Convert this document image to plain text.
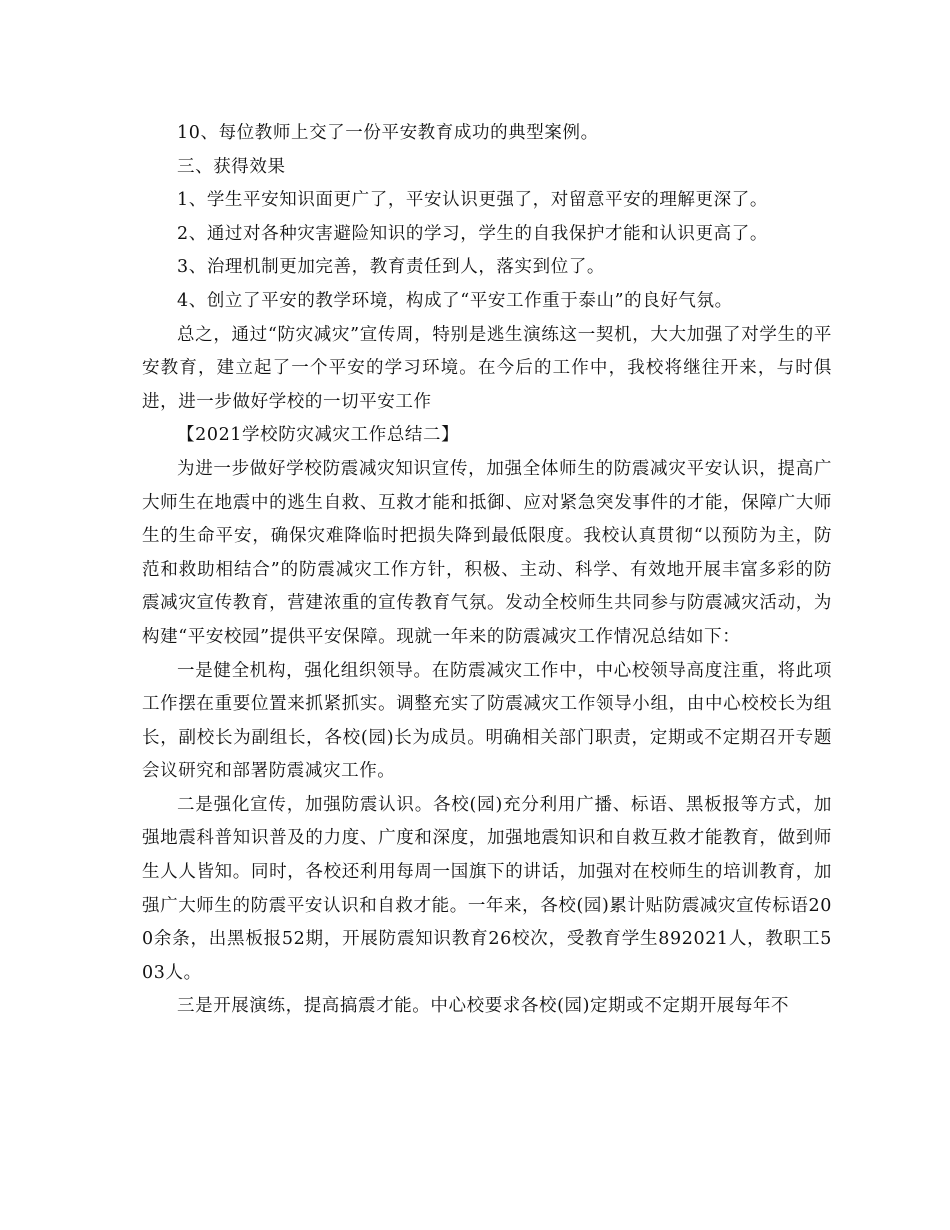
10、每位教师上交了一份平安教育成功的典型案例。

三、获得效果

1、学生平安知识面更广了，平安认识更强了，对留意平安的理解更深了。

2、通过对各种灾害避险知识的学习，学生的自我保护才能和认识更高了。

3、治理机制更加完善，教育责任到人，落实到位了。

4、创立了平安的教学环境，构成了“平安工作重于泰山”的良好气氛。

总之，通过“防灾减灾”宣传周，特别是逃生演练这一契机，大大加强了对学生的平安教育，建立起了一个平安的学习环境。在今后的工作中，我校将继往开来，与时俱进，进一步做好学校的一切平安工作

【2021学校防灾减灾工作总结二】

为进一步做好学校防震减灾知识宣传，加强全体师生的防震减灾平安认识，提高广大师生在地震中的逃生自救、互救才能和抵御、应对紧急突发事件的才能，保障广大师生的生命平安，确保灾难降临时把损失降到最低限度。我校认真贯彻“以预防为主，防范和救助相结合”的防震减灾工作方针，积极、主动、科学、有效地开展丰富多彩的防震减灾宣传教育，营建浓重的宣传教育气氛。发动全校师生共同参与防震减灾活动，为构建“平安校园”提供平安保障。现就一年来的防震减灾工作情况总结如下：

一是健全机构，强化组织领导。在防震减灾工作中，中心校领导高度注重，将此项工作摆在重要位置来抓紧抓实。调整充实了防震减灾工作领导小组，由中心校校长为组长，副校长为副组长，各校(园)长为成员。明确相关部门职责，定期或不定期召开专题会议研究和部署防震减灾工作。

二是强化宣传，加强防震认识。各校(园)充分利用广播、标语、黑板报等方式，加强地震科普知识普及的力度、广度和深度，加强地震知识和自救互救才能教育，做到师生人人皆知。同时，各校还利用每周一国旗下的讲话，加强对在校师生的培训教育，加强广大师生的防震平安认识和自救才能。一年来，各校(园)累计贴防震减灾宣传标语200余条，出黑板报52期，开展防震知识教育26校次，受教育学生892021人，教职工503人。

三是开展演练，提高搞震才能。中心校要求各校(园)定期或不定期开展每年不
